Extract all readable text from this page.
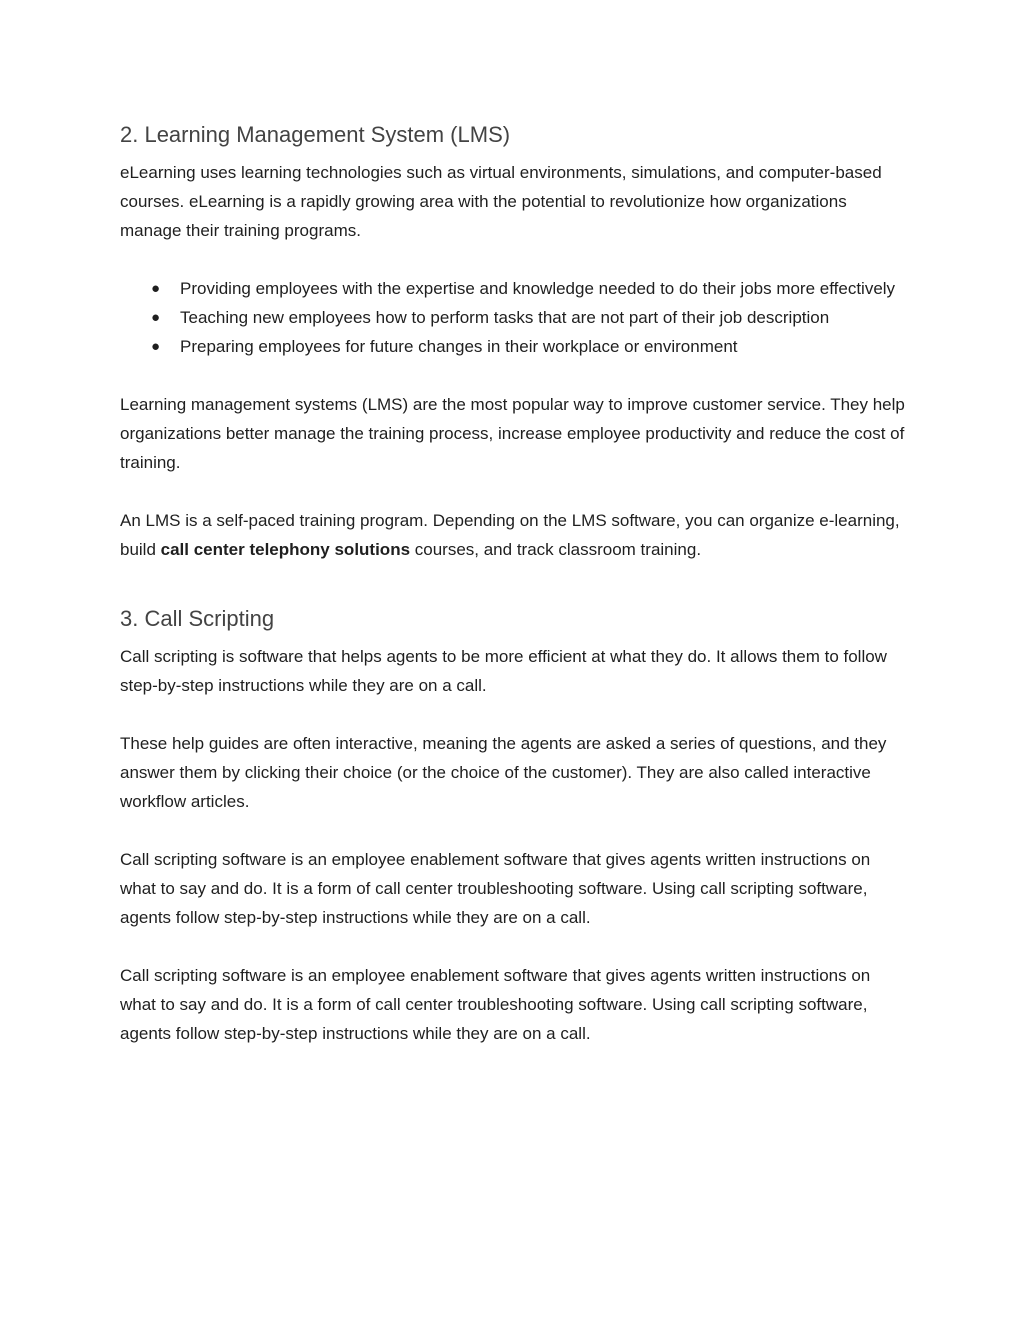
2. Learning Management System (LMS)

eLearning uses learning technologies such as virtual environments, simulations, and computer-based courses. eLearning is a rapidly growing area with the potential to revolutionize how organizations manage their training programs.

● Providing employees with the expertise and knowledge needed to do their jobs more effectively
● Teaching new employees how to perform tasks that are not part of their job description
● Preparing employees for future changes in their workplace or environment

Learning management systems (LMS) are the most popular way to improve customer service. They help organizations better manage the training process, increase employee productivity and reduce the cost of training.

An LMS is a self-paced training program. Depending on the LMS software, you can organize e-learning, build call center telephony solutions courses, and track classroom training.

3. Call Scripting

Call scripting is software that helps agents to be more efficient at what they do. It allows them to follow step-by-step instructions while they are on a call.

These help guides are often interactive, meaning the agents are asked a series of questions, and they answer them by clicking their choice (or the choice of the customer). They are also called interactive workflow articles.

Call scripting software is an employee enablement software that gives agents written instructions on what to say and do. It is a form of call center troubleshooting software. Using call scripting software, agents follow step-by-step instructions while they are on a call.

Call scripting software is an employee enablement software that gives agents written instructions on what to say and do. It is a form of call center troubleshooting software. Using call scripting software, agents follow step-by-step instructions while they are on a call.
